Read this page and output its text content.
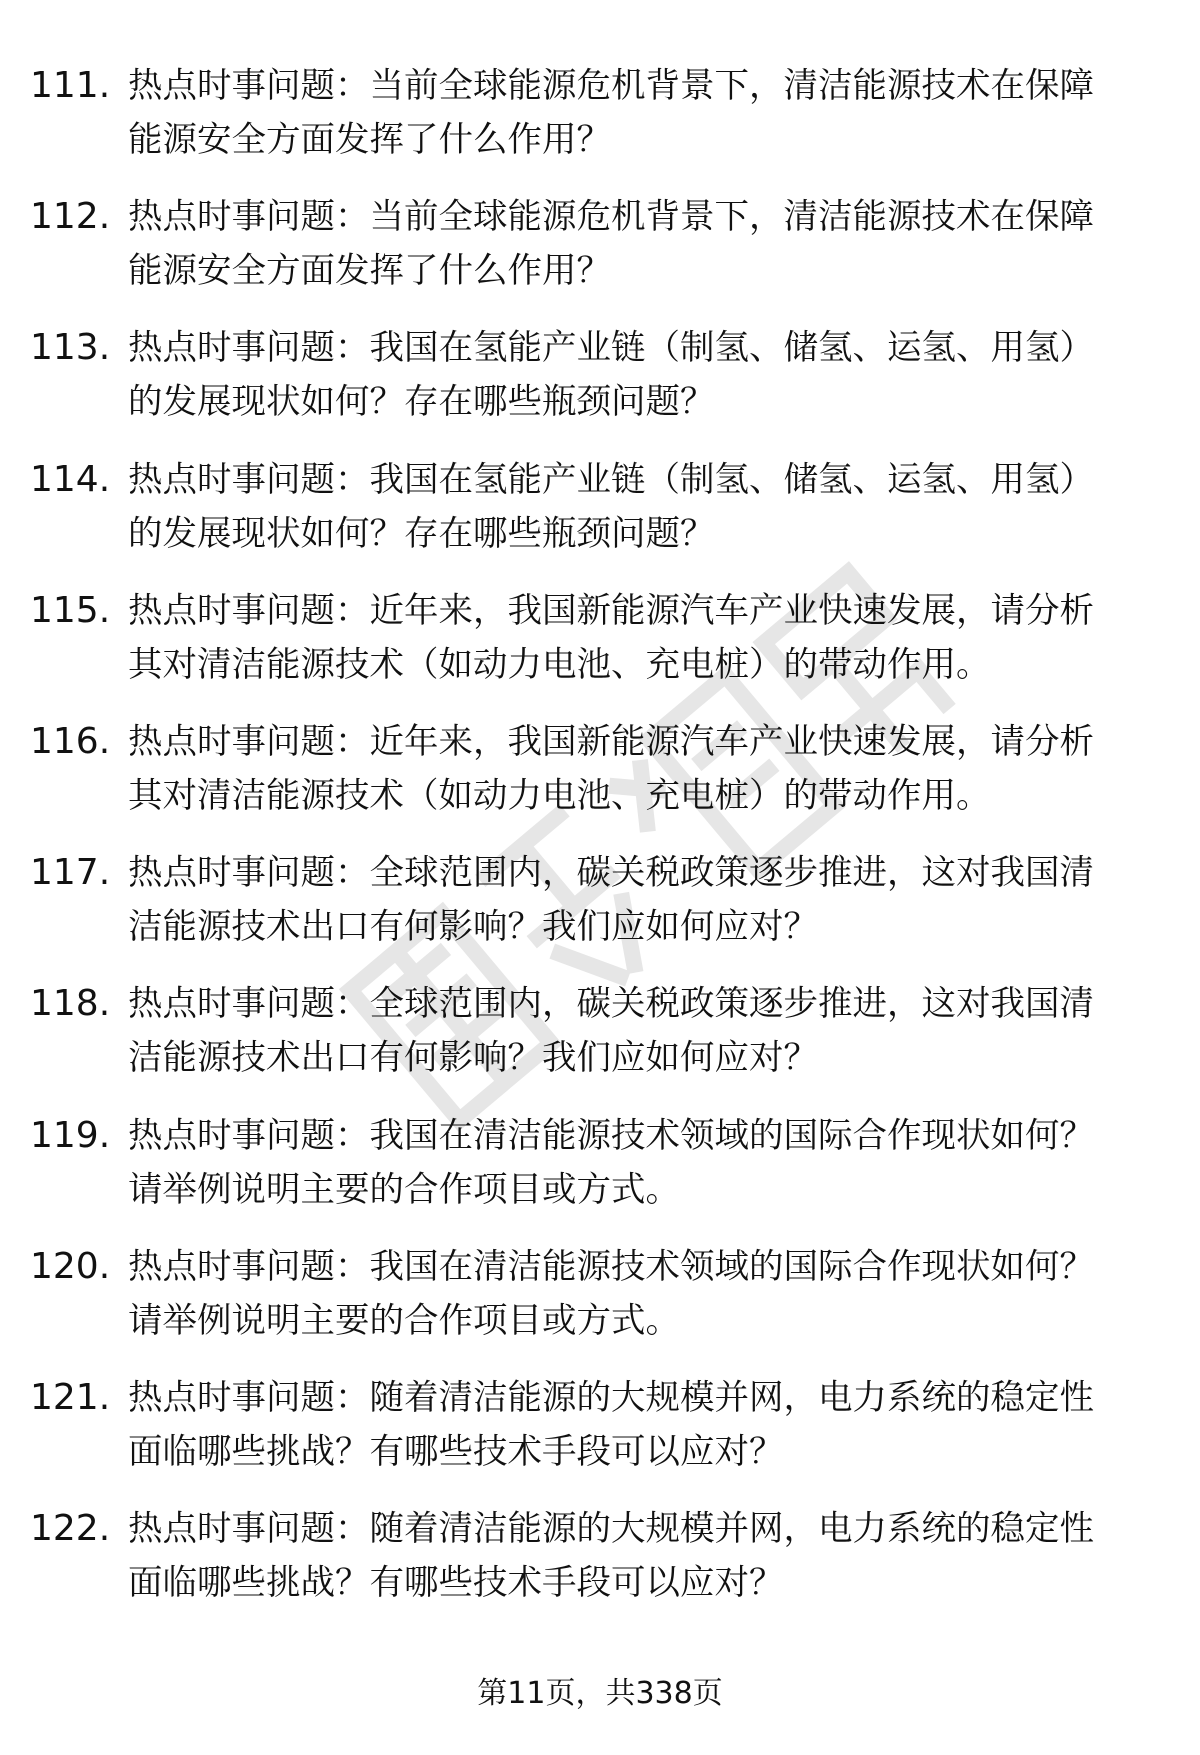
111. 热点时事问题：当前全球能源危机背景下，清洁能源技术在保障
能源安全方面发挥了什么作用？
112. 热点时事问题：当前全球能源危机背景下，清洁能源技术在保障
能源安全方面发挥了什么作用？
113. 热点时事问题：我国在氢能产业链（制氢、储氢、运氢、用氢）
的发展现状如何？存在哪些瓶颈问题？
114. 热点时事问题：我国在氢能产业链（制氢、储氢、运氢、用氢）
的发展现状如何？存在哪些瓶颈问题？
115. 热点时事问题：近年来，我国新能源汽车产业快速发展，请分析
其对清洁能源技术（如动力电池、充电桩）的带动作用。
116. 热点时事问题：近年来，我国新能源汽车产业快速发展，请分析
其对清洁能源技术（如动力电池、充电桩）的带动作用。
117. 热点时事问题：全球范围内，碳关税政策逐步推进，这对我国清
洁能源技术出口有何影响？我们应如何应对？
118. 热点时事问题：全球范围内，碳关税政策逐步推进，这对我国清
洁能源技术出口有何影响？我们应如何应对？
119. 热点时事问题：我国在清洁能源技术领域的国际合作现状如何？
请举例说明主要的合作项目或方式。
120. 热点时事问题：我国在清洁能源技术领域的国际合作现状如何？
请举例说明主要的合作项目或方式。
121. 热点时事问题：随着清洁能源的大规模并网，电力系统的稳定性
面临哪些挑战？有哪些技术手段可以应对？
122. 热点时事问题：随着清洁能源的大规模并网，电力系统的稳定性
面临哪些挑战？有哪些技术手段可以应对？
第11页，共338页
